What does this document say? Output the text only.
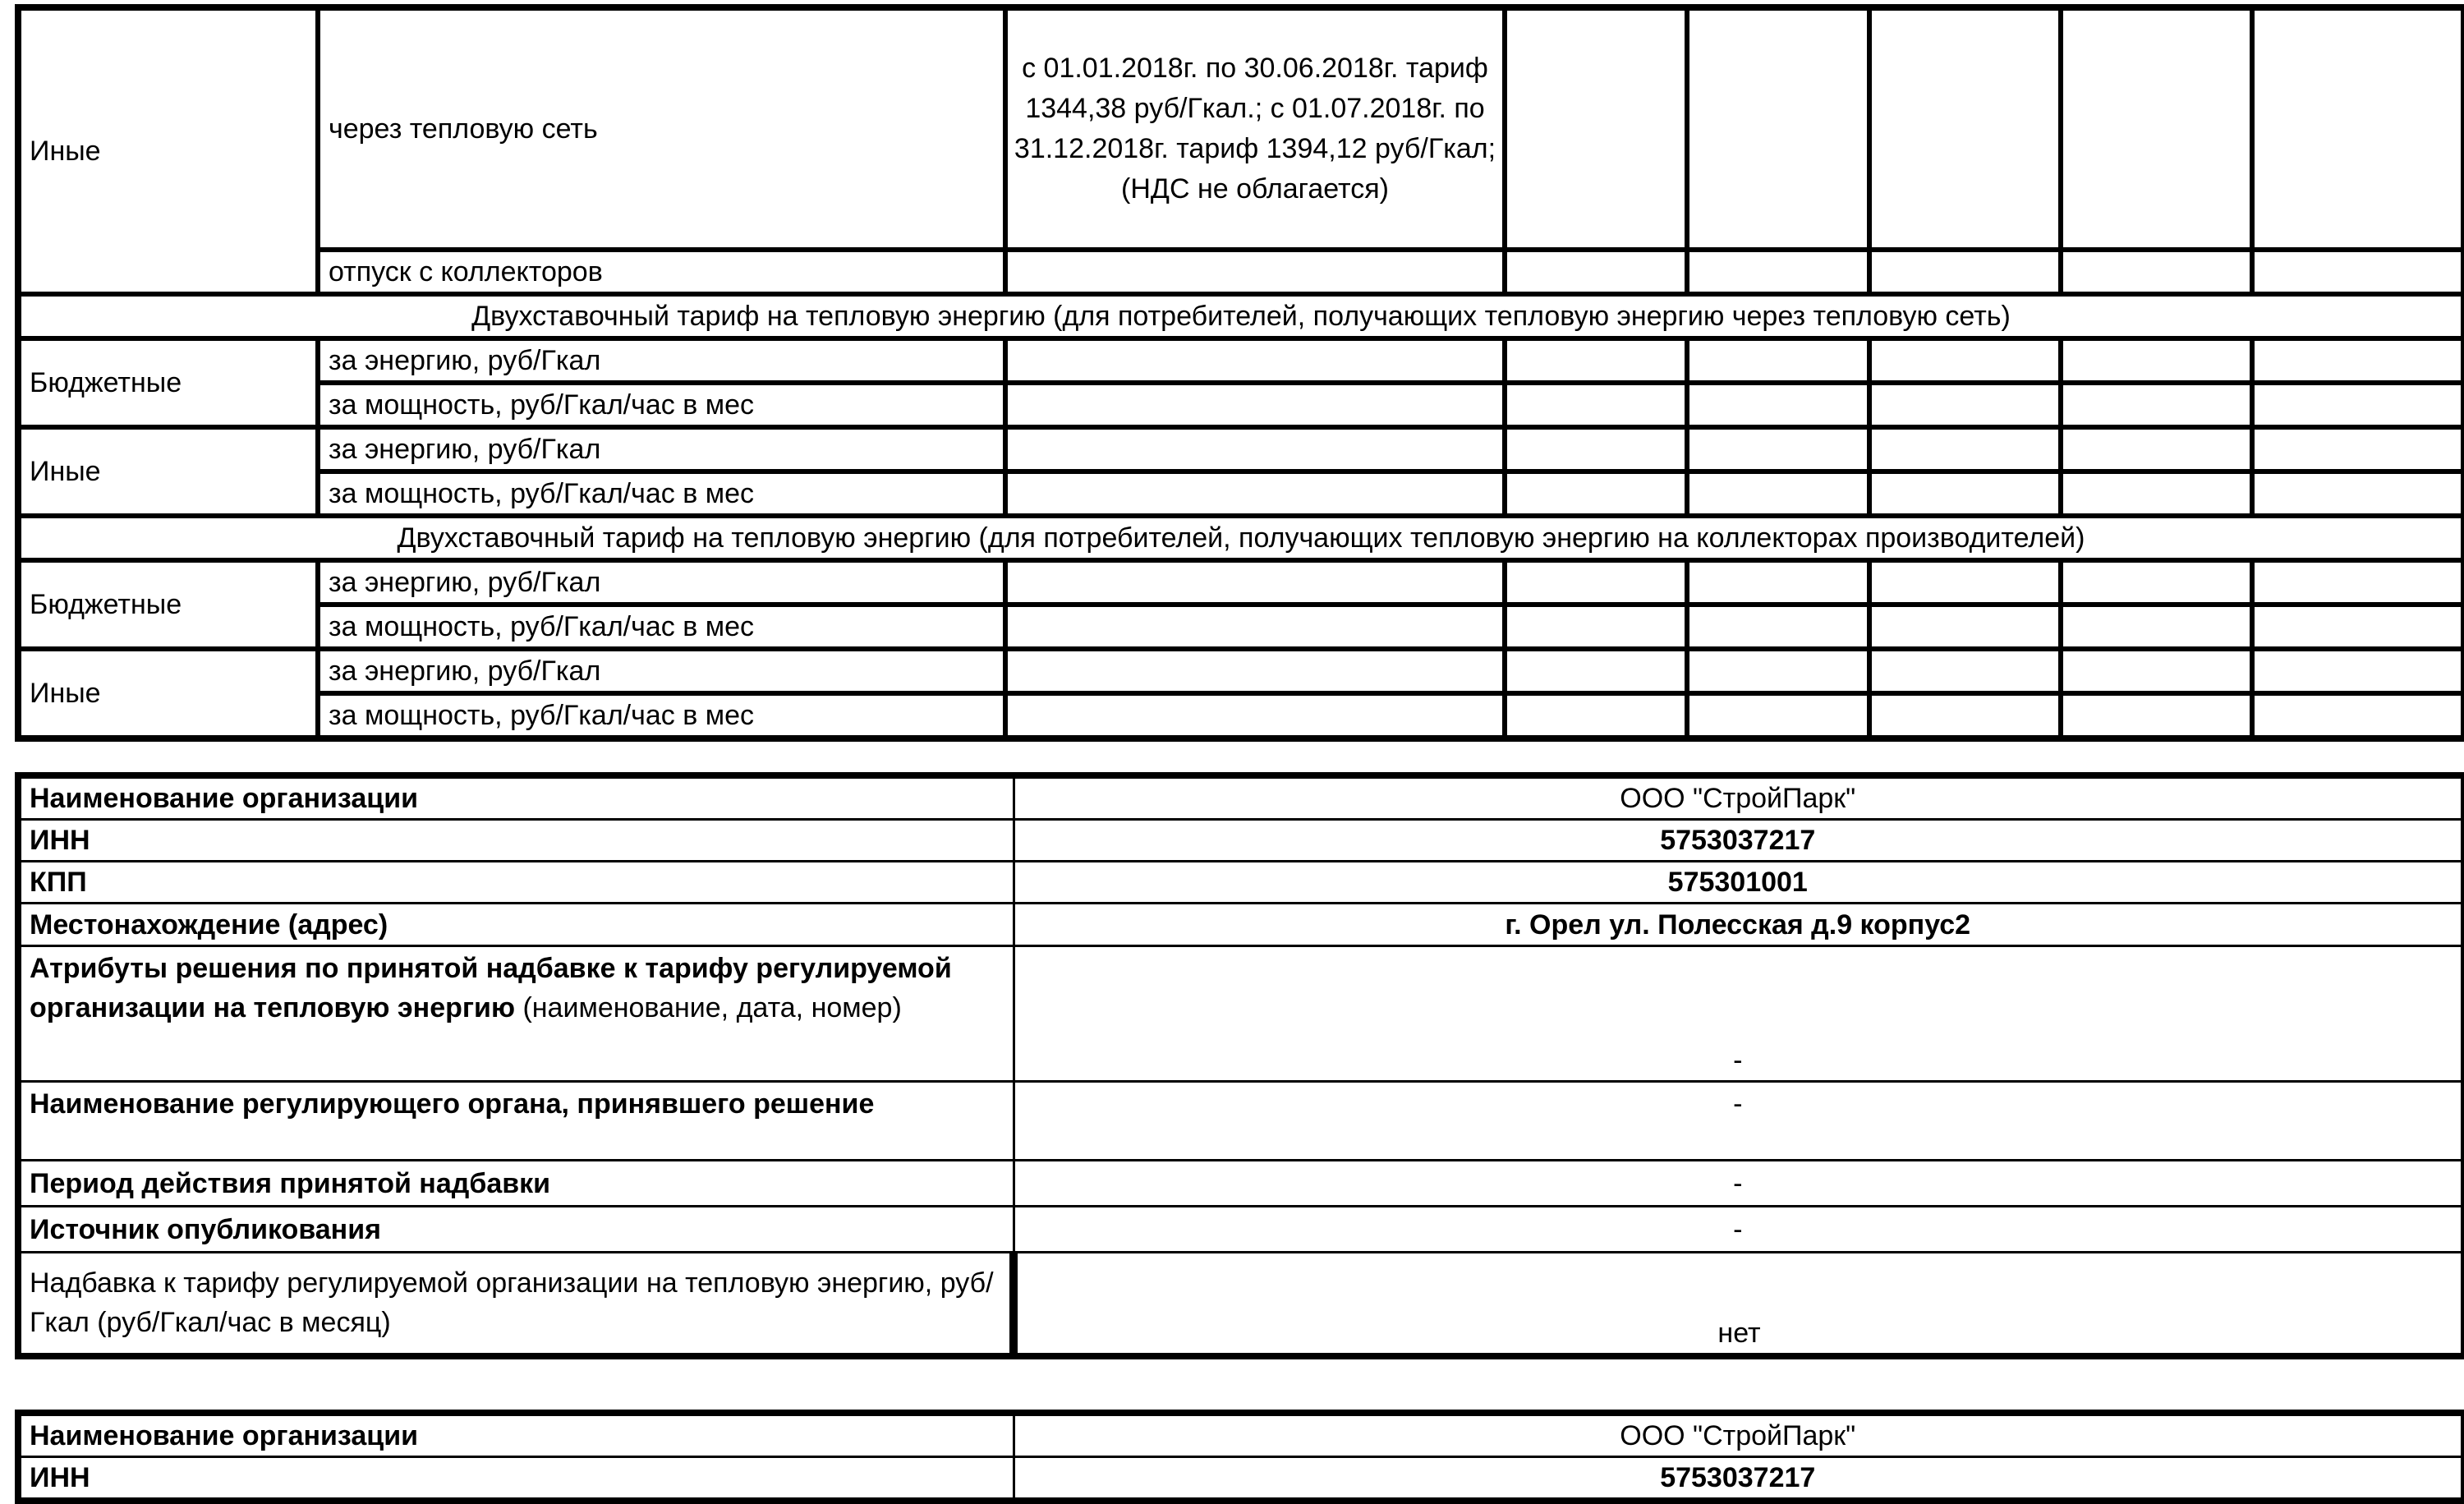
Иные	через тепловую сеть	с 01.01.2018г. по 30.06.2018г. тариф 1344,38 руб/Гкал.; с 01.07.2018г. по 31.12.2018г. тариф 1394,12 руб/Гкал; (НДС не облагается)					
	отпуск с коллекторов						
Двухставочный тариф на тепловую энергию (для потребителей, получающих тепловую энергию через тепловую сеть)							
Бюджетные	за энергию, руб/Гкал						
	за мощность, руб/Гкал/час в мес						
Иные	за энергию, руб/Гкал						
	за мощность, руб/Гкал/час в мес						
Двухставочный тариф на тепловую энергию (для потребителей, получающих тепловую энергию на коллекторах производителей)							
Бюджетные	за энергию, руб/Гкал						
	за мощность, руб/Гкал/час в мес						
Иные	за энергию, руб/Гкал						
	за мощность, руб/Гкал/час в мес						
Наименование организации	ООО "СтройПарк"
ИНН	5753037217
КПП	575301001
Местонахождение (адрес)	г. Орел ул. Полесская д.9 корпус2
Атрибуты решения по принятой надбавке к тарифу регулируемой организации на тепловую энергию (наименование, дата, номер)	-
Наименование регулирующего органа, принявшего решение	-
Период действия принятой надбавки	-
Источник опубликования	-
Надбавка к тарифу регулируемой организации на тепловую энергию, руб/Гкал (руб/Гкал/час в месяц)	нет
Наименование организации	ООО "СтройПарк"
ИНН	5753037217
